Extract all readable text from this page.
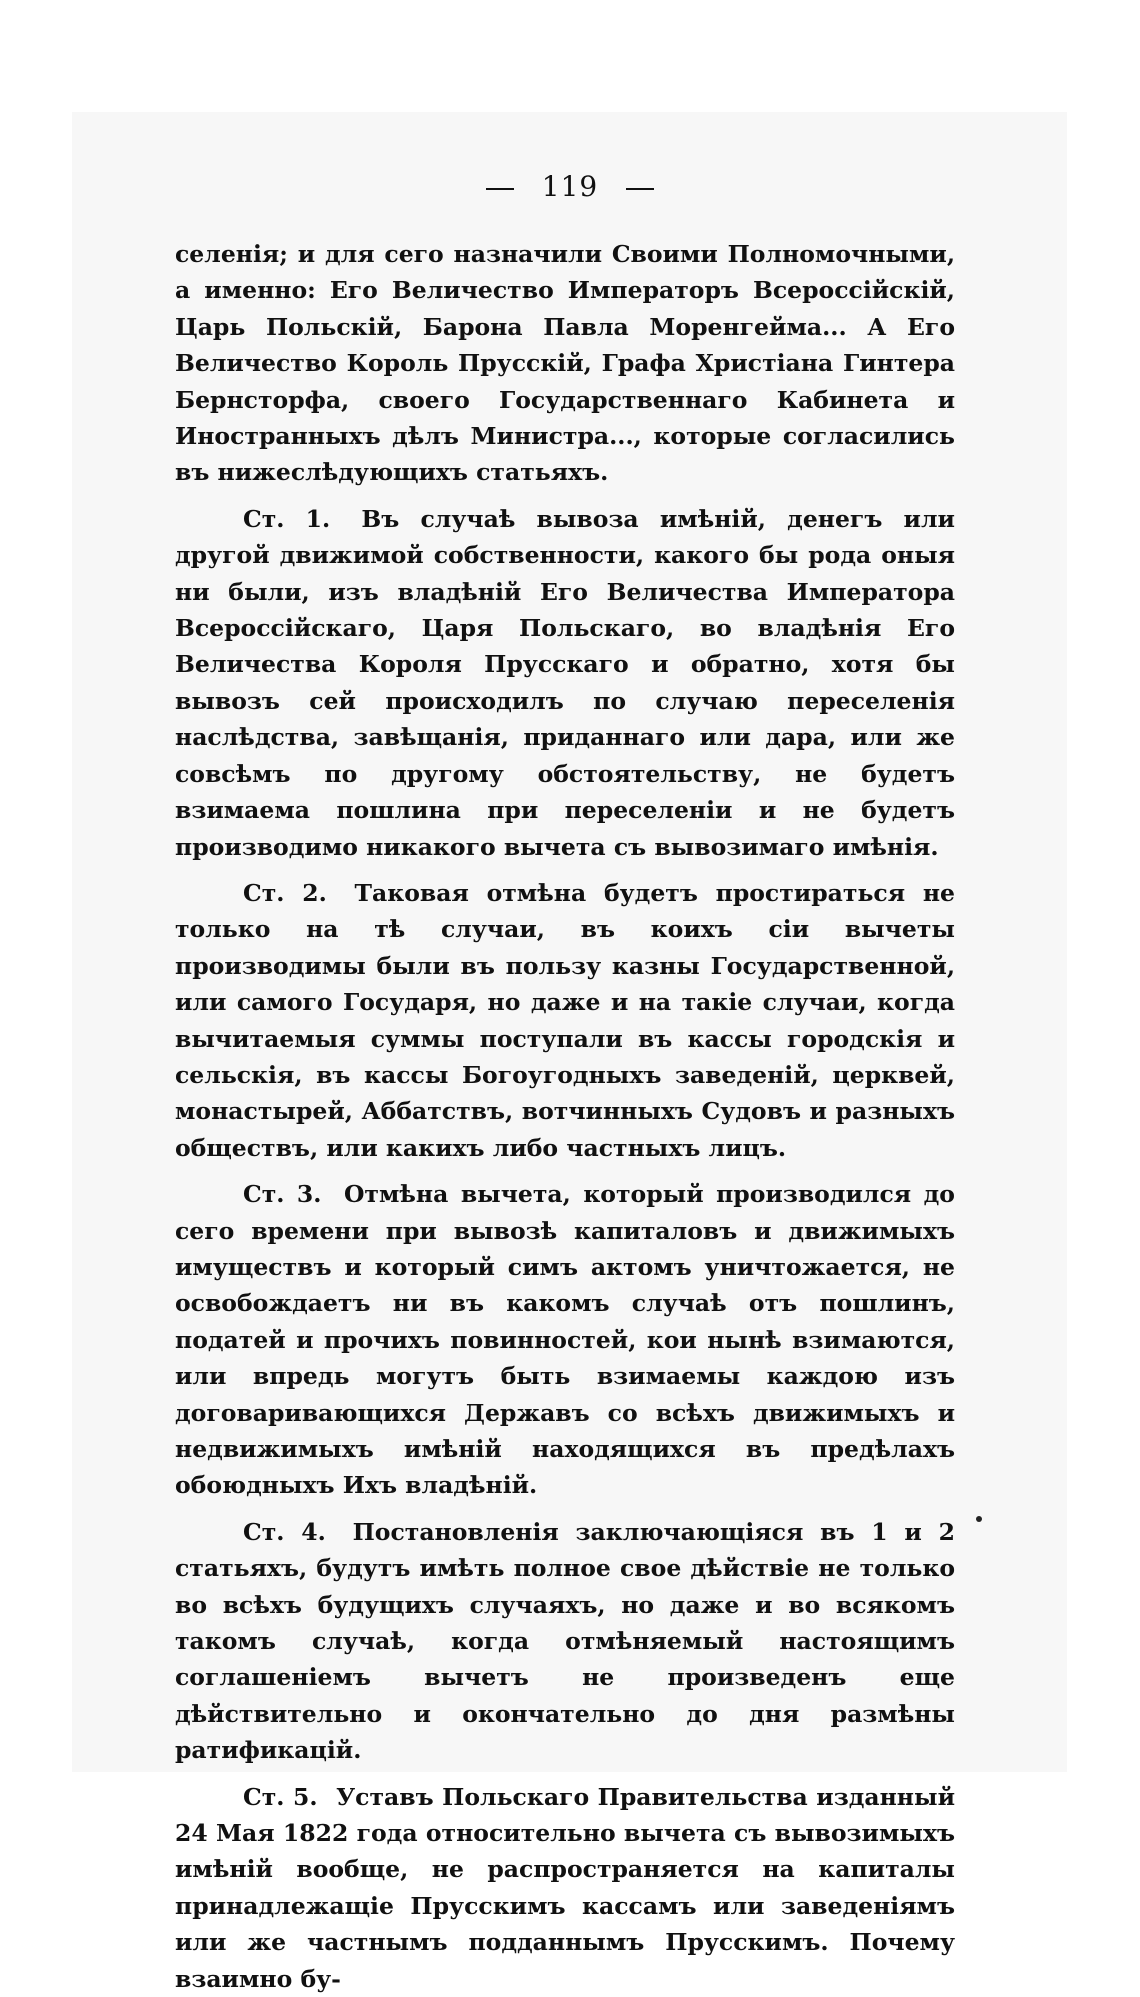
119

селенія; и для сего назначили Своими Полномочными, а именно: Его Величество Императоръ Всероссійскій, Царь Польскій, Барона Павла Моренгейма... А Его Величество Король Прусскій, Графа Христіана Гинтера Бернсторфа, своего Государственнаго Кабинета и Иностранныхъ дѣлъ Министра..., которые согласились въ нижеслѣдующихъ статьяхъ.

Ст. 1. Въ случаѣ вывоза имѣній, денегъ или другой движимой собственности, какого бы рода оныя ни были, изъ владѣній Его Величества Императора Всероссійскаго, Царя Польскаго, во владѣнія Его Величества Короля Прусскаго и обратно, хотя бы вывозъ сей происходилъ по случаю переселенія наслѣдства, завѣщанія, приданнаго или дара, или же совсѣмъ по другому обстоятельству, не будетъ взимаема пошлина при переселеніи и не будетъ производимо никакого вычета съ вывозимаго имѣнія.

Ст. 2. Таковая отмѣна будетъ простираться не только на тѣ случаи, въ коихъ сіи вычеты производимы были въ пользу казны Государственной, или самого Государя, но даже и на такіе случаи, когда вычитаемыя суммы поступали въ кассы городскія и сельскія, въ кассы Богоугодныхъ заведеній, церквей, монастырей, Аббатствъ, вотчинныхъ Судовъ и разныхъ обществъ, или какихъ либо частныхъ лицъ.

Ст. 3. Отмѣна вычета, который производился до сего времени при вывозѣ капиталовъ и движимыхъ имуществъ и который симъ актомъ уничтожается, не освобождаетъ ни въ какомъ случаѣ отъ пошлинъ, податей и прочихъ повинностей, кои нынѣ взимаются, или впредь могутъ быть взимаемы каждою изъ договаривающихся Державъ со всѣхъ движимыхъ и недвижимыхъ имѣній находящихся въ предѣлахъ обоюдныхъ Ихъ владѣній.

Ст. 4. Постановленія заключающіяся въ 1 и 2 статьяхъ, будутъ имѣть полное свое дѣйствіе не только во всѣхъ будущихъ случаяхъ, но даже и во всякомъ такомъ случаѣ, когда отмѣняемый настоящимъ соглашеніемъ вычетъ не произведенъ еще дѣйствительно и окончательно до дня размѣны ратификацій.

Ст. 5. Уставъ Польскаго Правительства изданный 24 Мая 1822 года относительно вычета съ вывозимыхъ имѣній вообще, не распространяется на капиталы принадлежащіе Прусскимъ кассамъ или заведеніямъ или же частнымъ подданнымъ Прусскимъ. Почему взаимно бу-
